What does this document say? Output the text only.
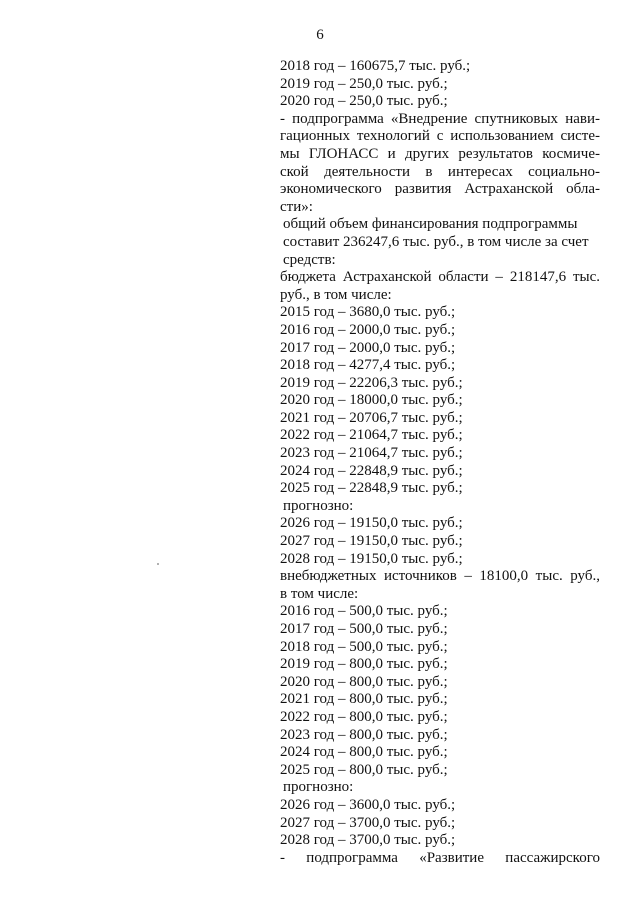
6
2018 год – 160675,7 тыс. руб.;
2019 год – 250,0 тыс. руб.;
2020 год – 250,0 тыс. руб.;
- подпрограмма «Внедрение спутниковых нави-
гационных технологий с использованием систе-
мы ГЛОНАСС и других результатов космиче-
ской деятельности в интересах социально-
экономического развития Астраханской обла-
сти»:
общий объем финансирования подпрограммы
составит 236247,6 тыс. руб., в том числе за счет
средств:
бюджета Астраханской области – 218147,6 тыс.
руб., в том числе:
2015 год – 3680,0 тыс. руб.;
2016 год – 2000,0 тыс. руб.;
2017 год – 2000,0 тыс. руб.;
2018 год – 4277,4 тыс. руб.;
2019 год – 22206,3 тыс. руб.;
2020 год – 18000,0 тыс. руб.;
2021 год – 20706,7 тыс. руб.;
2022 год – 21064,7 тыс. руб.;
2023 год – 21064,7 тыс. руб.;
2024 год – 22848,9 тыс. руб.;
2025 год – 22848,9 тыс. руб.;
прогнозно:
2026 год – 19150,0 тыс. руб.;
2027 год – 19150,0 тыс. руб.;
2028 год – 19150,0 тыс. руб.;
внебюджетных источников – 18100,0 тыс. руб.,
в том числе:
2016 год – 500,0 тыс. руб.;
2017 год – 500,0 тыс. руб.;
2018 год – 500,0 тыс. руб.;
2019 год – 800,0 тыс. руб.;
2020 год – 800,0 тыс. руб.;
2021 год – 800,0 тыс. руб.;
2022 год – 800,0 тыс. руб.;
2023 год – 800,0 тыс. руб.;
2024 год – 800,0 тыс. руб.;
2025 год – 800,0 тыс. руб.;
прогнозно:
2026 год – 3600,0 тыс. руб.;
2027 год – 3700,0 тыс. руб.;
2028 год – 3700,0 тыс. руб.;
- подпрограмма «Развитие пассажирского
